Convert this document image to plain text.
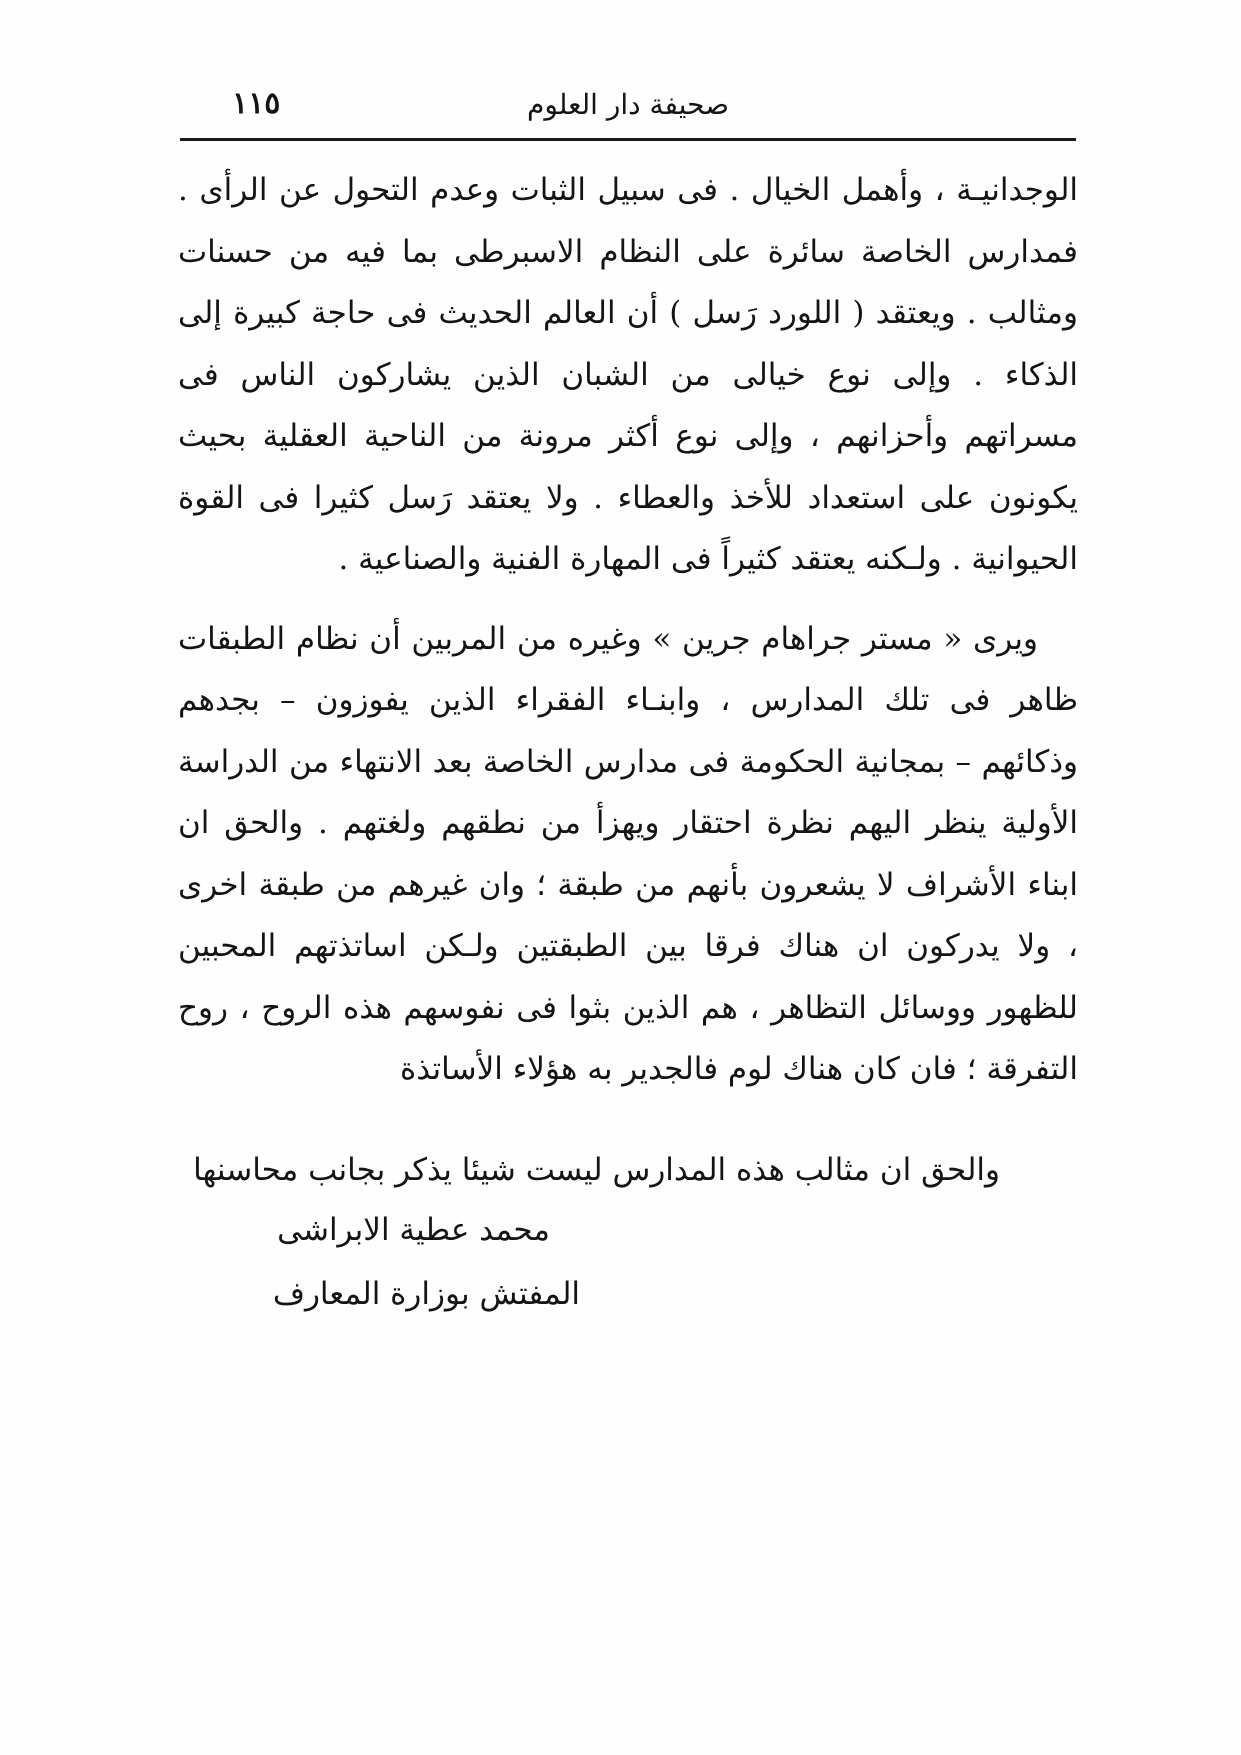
١١٥	صحيفة دار العلوم

الوجدانيـة ، وأهمل الخيال . فى سبيل الثبات وعدم التحول عن الرأى . فمدارس الخاصة سائرة على النظام الاسبرطى بما فيه من حسنات ومثالب . ويعتقد ( اللورد رَسل ) أن العالم الحديث فى حاجة كبيرة إلى الذكاء . وإلى نوع خيالى من الشبان الذين يشاركون الناس فى مسراتهم وأحزانهم ، وإلى نوع أكثر مرونة من الناحية العقلية بحيث يكونون على استعداد للأخذ والعطاء . ولا يعتقد رَسل كثيرا فى القوة الحيوانية . ولـكنه يعتقد كثيراً فى المهارة الفنية والصناعية .

ويرى « مستر جراهام جرين » وغيره من المربين أن نظام الطبقات ظاهر فى تلك المدارس ، وابنـاء الفقراء الذين يفوزون – بجدهم وذكائهم – بمجانية الحكومة فى مدارس الخاصة بعد الانتهاء من الدراسة الأولية ينظر اليهم نظرة احتقار ويهزأ من نطقهم ولغتهم . والحق ان ابناء الأشراف لا يشعرون بأنهم من طبقة ؛ وان غيرهم من طبقة اخرى ، ولا يدركون ان هناك فرقا بين الطبقتين ولـكن اساتذتهم المحبين للظهور ووسائل التظاهر ، هم الذين بثوا فى نفوسهم هذه الروح ، روح التفرقة ؛ فان كان هناك لوم فالجدير به هؤلاء الأساتذة

والحق ان مثالب هذه المدارس ليست شيئا يذكر بجانب محاسنها
محمد عطية الابراشى
المفتش بوزارة المعارف
